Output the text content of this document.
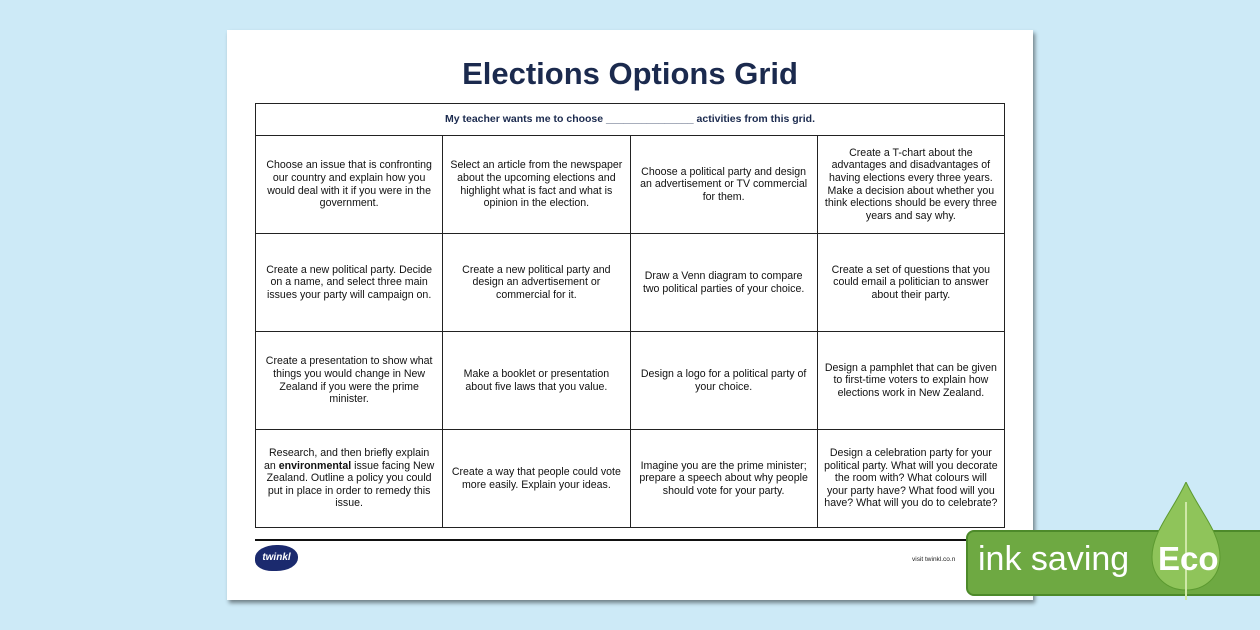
Elections Options Grid
My teacher wants me to choose _______________ activities from this grid.			
Choose an issue that is confronting our country and explain how you would deal with it if you were in the government.	Select an article from the newspaper about the upcoming elections and highlight what is fact and what is opinion in the election.	Choose a political party and design an advertisement or TV commercial for them.	Create a T-chart about the advantages and disadvantages of having elections every three years. Make a decision about whether you think elections should be every three years and say why.
Create a new political party. Decide on a name, and select three main issues your party will campaign on.	Create a new political party and design an advertisement or commercial for it.	Draw a Venn diagram to compare two political parties of your choice.	Create a set of questions that you could email a politician to answer about their party.
Create a presentation to show what things you would change in New Zealand if you were the prime minister.	Make a booklet or presentation about five laws that you value.	Design a logo for a political party of your choice.	Design a pamphlet that can be given to first-time voters to explain how elections work in New Zealand.
Research, and then briefly explain an environmental issue facing New Zealand. Outline a policy you could put in place in order to remedy this issue.	Create a way that people could vote more easily. Explain your ideas.	Imagine you are the prime minister; prepare a speech about why people should vote for your party.	Design a celebration party for your political party. What will you decorate the room with? What colours will your party have? What food will you have? What will you do to celebrate?
twinkl	visit twinkl.co.n ink saving Eco
